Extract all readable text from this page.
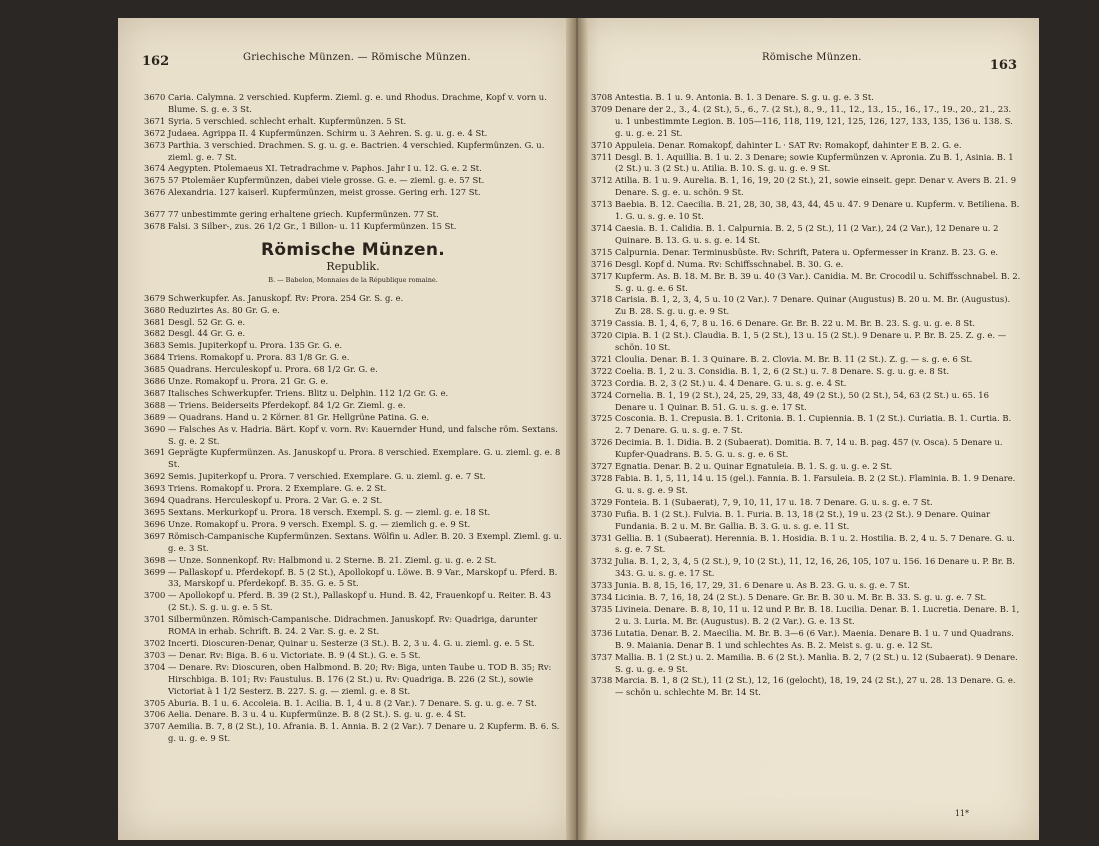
162	Griechische Münzen. — Römische Münzen.
3670 Caria. Calymna. 2 verschied. Kupferm. Zieml. g. e. und Rhodus. Drachme, Kopf v. vorn u. Blume. S. g. e. 3 St.
3671 Syria. 5 verschied. schlecht erhalt. Kupfermünzen. 5 St.
3672 Judaea. Agrippa II. 4 Kupfermünzen. Schirm u. 3 Aehren. S. g. u. g. e. 4 St.
3673 Parthia. 3 verschied. Drachmen. S. g. u. g. e. Bactrien. 4 verschied. Kupfermünzen. G. u. zieml. g. e. 7 St.
3674 Aegypten. Ptolemaeus XI. Tetradrachme v. Paphos. Jahr I u. 12. G. e. 2 St.
3675 57 Ptolemäer Kupfermünzen, dabei viele grosse. G. e. — zieml. g. e. 57 St.
3676 Alexandria. 127 kaiserl. Kupfermünzen, meist grosse. Gering erh. 127 St.
3677 77 unbestimmte gering erhaltene griech. Kupfermünzen. 77 St.
3678 Falsi. 3 Silber-, zus. 26 1/2 Gr., 1 Billon- u. 11 Kupfermünzen. 15 St.
Römische Münzen.
Republik.
B. — Babelon, Monnaies de la République romaine.
3679 Schwerkupfer. As. Januskopf. Rv: Prora. 254 Gr. S. g. e.
3680 Reduzirtes As. 80 Gr. G. e.
3681 Desgl. 52 Gr. G. e.
3682 Desgl. 44 Gr. G. e.
3683 Semis. Jupiterkopf u. Prora. 135 Gr. G. e.
3684 Triens. Romakopf u. Prora. 83 1/8 Gr. G. e.
3685 Quadrans. Herculeskopf u. Prora. 68 1/2 Gr. G. e.
3686 Unze. Romakopf u. Prora. 21 Gr. G. e.
3687 Italisches Schwerkupfer. Triens. Blitz u. Delphin. 112 1/2 Gr. G. e.
3688 — Triens. Beiderseits Pferdekopf. 84 1/2 Gr. Zieml. g. e.
3689 — Quadrans. Hand u. 2 Körner. 81 Gr. Hellgrüne Patina. G. e.
3690 — Falsches As v. Hadria. Bärt. Kopf v. vorn. Rv: Kauernder Hund, und falsche röm. Sextans. S. g. e. 2 St.
3691 Geprägte Kupfermünzen. As. Januskopf u. Prora. 8 verschied. Exemplare. G. u. zieml. g. e. 8 St.
3692 Semis. Jupiterkopf u. Prora. 7 verschied. Exemplare. G. u. zieml. g. e. 7 St.
3693 Triens. Romakopf u. Prora. 2 Exemplare. G. e. 2 St.
3694 Quadrans. Herculeskopf u. Prora. 2 Var. G. e. 2 St.
3695 Sextans. Merkurkopf u. Prora. 18 versch. Exempl. S. g. — zieml. g. e. 18 St.
3696 Unze. Romakopf u. Prora. 9 versch. Exempl. S. g. — ziemlich g. e. 9 St.
3697 Römisch-Campanische Kupfermünzen. Sextans. Wölfin u. Adler. B. 20. 3 Exempl. Zieml. g. u. g. e. 3 St.
3698 — Unze. Sonnenkopf. Rv: Halbmond u. 2 Sterne. B. 21. Zieml. g. u. g. e. 2 St.
3699 — Pallaskopf u. Pferdekopf. B. 5 (2 St.), Apollokopf u. Löwe. B. 9 Var., Marskopf u. Pferd. B. 33, Marskopf u. Pferdekopf. B. 35. G. e. 5 St.
3700 — Apollokopf u. Pferd. B. 39 (2 St.), Pallaskopf u. Hund. B. 42, Frauenkopf u. Reiter. B. 43 (2 St.). S. g. u. g. e. 5 St.
3701 Silbermünzen. Römisch-Campanische. Didrachmen. Januskopf. Rv: Quadriga, darunter ROMA in erhab. Schrift. B. 24. 2 Var. S. g. e. 2 St.
3702 Incerti. Dioscuren-Denar, Quinar u. Sesterze (3 St.). B. 2, 3 u. 4. G. u. zieml. g. e. 5 St.
3703 — Denar. Rv: Biga. B. 6 u. Victoriate. B. 9 (4 St.). G. e. 5 St.
3704 — Denare. Rv: Dioscuren, oben Halbmond. B. 20; Rv: Biga, unten Taube u. TOD B. 35; Rv: Hirschbiga. B. 101; Rv: Faustulus. B. 176 (2 St.) u. Rv: Quadriga. B. 226 (2 St.), sowie Victoriat à 1 1/2 Sesterz. B. 227. S. g. — zieml. g. e. 8 St.
3705 Aburia. B. 1 u. 6. Accoleia. B. 1. Acilia. B. 1, 4 u. 8 (2 Var.). 7 Denare. S. g. u. g. e. 7 St.
3706 Aelia. Denare. B. 3 u. 4 u. Kupfermünze. B. 8 (2 St.). S. g. u. g. e. 4 St.
3707 Aemilia. B. 7, 8 (2 St.), 10. Afrania. B. 1. Annia. B. 2 (2 Var.). 7 Denare u. 2 Kupferm. B. 6. S. g. u. g. e. 9 St.
Römische Münzen.
163
3708 Antestia. B. 1 u. 9. Antonia. B. 1. 3 Denare. S. g. u. g. e. 3 St.
3709 Denare der 2., 3., 4. (2 St.), 5., 6., 7. (2 St.), 8., 9., 11., 12., 13., 15., 16., 17., 19., 20., 21., 23. u. 1 unbestimmte Legion. B. 105—116, 118, 119, 121, 125, 126, 127, 133, 135, 136 u. 138. S. g. u. g. e. 21 St.
3710 Appuleia. Denar. Romakopf, dahinter L · SAT Rv: Romakopf, dahinter E B. 2. G. e.
3711 Desgl. B. 1. Aquillia. B. 1 u. 2. 3 Denare; sowie Kupfermünzen v. Apronia. Zu B. 1, Asinia. B. 1 (2 St.) u. 3 (2 St.) u. Atilia. B. 10. S. g. u. g. e. 9 St.
3712 Atilia. B. 1 u. 9. Aurelia. B. 1, 16, 19, 20 (2 St.), 21, sowie einseit. gepr. Denar v. Avers B. 21. 9 Denare. S. g. e. u. schön. 9 St.
3713 Baebia. B. 12. Caecilia. B. 21, 28, 30, 38, 43, 44, 45 u. 47. 9 Denare u. Kupferm. v. Betiliena. B. 1. G. u. s. g. e. 10 St.
3714 Caesia. B. 1. Calidia. B. 1. Calpurnia. B. 2, 5 (2 St.), 11 (2 Var.), 24 (2 Var.), 12 Denare u. 2 Quinare. B. 13. G. u. s. g. e. 14 St.
3715 Calpurnia. Denar. Terminusbüste. Rv: Schrift, Patera u. Opfermesser in Kranz. B. 23. G. e.
3716 Desgl. Kopf d. Numa. Rv: Schiffsschnabel. B. 30. G. e.
3717 Kupferm. As. B. 18. M. Br. B. 39 u. 40 (3 Var.). Canidia. M. Br. Crocodil u. Schiffsschnabel. B. 2. S. g. u. g. e. 6 St.
3718 Carisia. B. 1, 2, 3, 4, 5 u. 10 (2 Var.). 7 Denare. Quinar (Augustus) B. 20 u. M. Br. (Augustus). Zu B. 28. S. g. u. g. e. 9 St.
3719 Cassia. B. 1, 4, 6, 7, 8 u. 16. 6 Denare. Gr. Br. B. 22 u. M. Br. B. 23. S. g. u. g. e. 8 St.
3720 Cipia. B. 1 (2 St.). Claudia. B. 1, 5 (2 St.), 13 u. 15 (2 St.). 9 Denare u. P. Br. B. 25. Z. g. e. — schön. 10 St.
3721 Cloulia. Denar. B. 1. 3 Quinare. B. 2. Clovia. M. Br. B. 11 (2 St.). Z. g. — s. g. e. 6 St.
3722 Coelia. B. 1, 2 u. 3. Considia. B. 1, 2, 6 (2 St.) u. 7. 8 Denare. S. g. u. g. e. 8 St.
3723 Cordia. B. 2, 3 (2 St.) u. 4. 4 Denare. G. u. s. g. e. 4 St.
3724 Cornelia. B. 1, 19 (2 St.), 24, 25, 29, 33, 48, 49 (2 St.), 50 (2 St.), 54, 63 (2 St.) u. 65. 16 Denare u. 1 Quinar. B. 51. G. u. s. g. e. 17 St.
3725 Cosconia. B. 1. Crepusia. B. 1. Critonia. B. 1. Cupiennia. B. 1 (2 St.). Curiatia. B. 1. Curtia. B. 2. 7 Denare. G. u. s. g. e. 7 St.
3726 Decimia. B. 1. Didia. B. 2 (Subaerat). Domitia. B. 7, 14 u. B. pag. 457 (v. Osca). 5 Denare u. Kupfer-Quadrans. B. 5. G. u. s. g. e. 6 St.
3727 Egnatia. Denar. B. 2 u. Quinar Egnatuleia. B. 1. S. g. u. g. e. 2 St.
3728 Fabia. B. 1, 5, 11, 14 u. 15 (gel.). Fannia. B. 1. Farsuleia. B. 2 (2 St.). Flaminia. B. 1. 9 Denare. G. u. s. g. e. 9 St.
3729 Fonteia. B. 1 (Subaerat), 7, 9, 10, 11, 17 u. 18. 7 Denare. G. u. s. g. e. 7 St.
3730 Fufia. B. 1 (2 St.). Fulvia. B. 1. Furia. B. 13, 18 (2 St.), 19 u. 23 (2 St.). 9 Denare. Quinar Fundania. B. 2 u. M. Br. Gallia. B. 3. G. u. s. g. e. 11 St.
3731 Gellia. B. 1 (Subaerat). Herennia. B. 1. Hosidia. B. 1 u. 2. Hostilia. B. 2, 4 u. 5. 7 Denare. G. u. s. g. e. 7 St.
3732 Julia. B. 1, 2, 3, 4, 5 (2 St.), 9, 10 (2 St.), 11, 12, 16, 26, 105, 107 u. 156. 16 Denare u. P. Br. B. 343. G. u. s. g. e. 17 St.
3733 Junia. B. 8, 15, 16, 17, 29, 31. 6 Denare u. As B. 23. G. u. s. g. e. 7 St.
3734 Licinia. B. 7, 16, 18, 24 (2 St.). 5 Denare. Gr. Br. B. 30 u. M. Br. B. 33. S. g. u. g. e. 7 St.
3735 Livineia. Denare. B. 8, 10, 11 u. 12 und P. Br. B. 18. Lucilia. Denar. B. 1. Lucretia. Denare. B. 1, 2 u. 3. Luria. M. Br. (Augustus). B. 2 (2 Var.). G. e. 13 St.
3736 Lutatia. Denar. B. 2. Maecilia. M. Br. B. 3—6 (6 Var.). Maenia. Denare B. 1 u. 7 und Quadrans. B. 9. Maiania. Denar B. 1 und schlechtes As. B. 2. Meist s. g. u. g. e. 12 St.
3737 Mallia. B. 1 (2 St.) u. 2. Mamilia. B. 6 (2 St.). Manlia. B. 2, 7 (2 St.) u. 12 (Subaerat). 9 Denare. S. g. u. g. e. 9 St.
3738 Marcia. B. 1, 8 (2 St.), 11 (2 St.), 12, 16 (gelocht), 18, 19, 24 (2 St.), 27 u. 28. 13 Denare. G. e. — schön u. schlechte M. Br. 14 St.
11*
